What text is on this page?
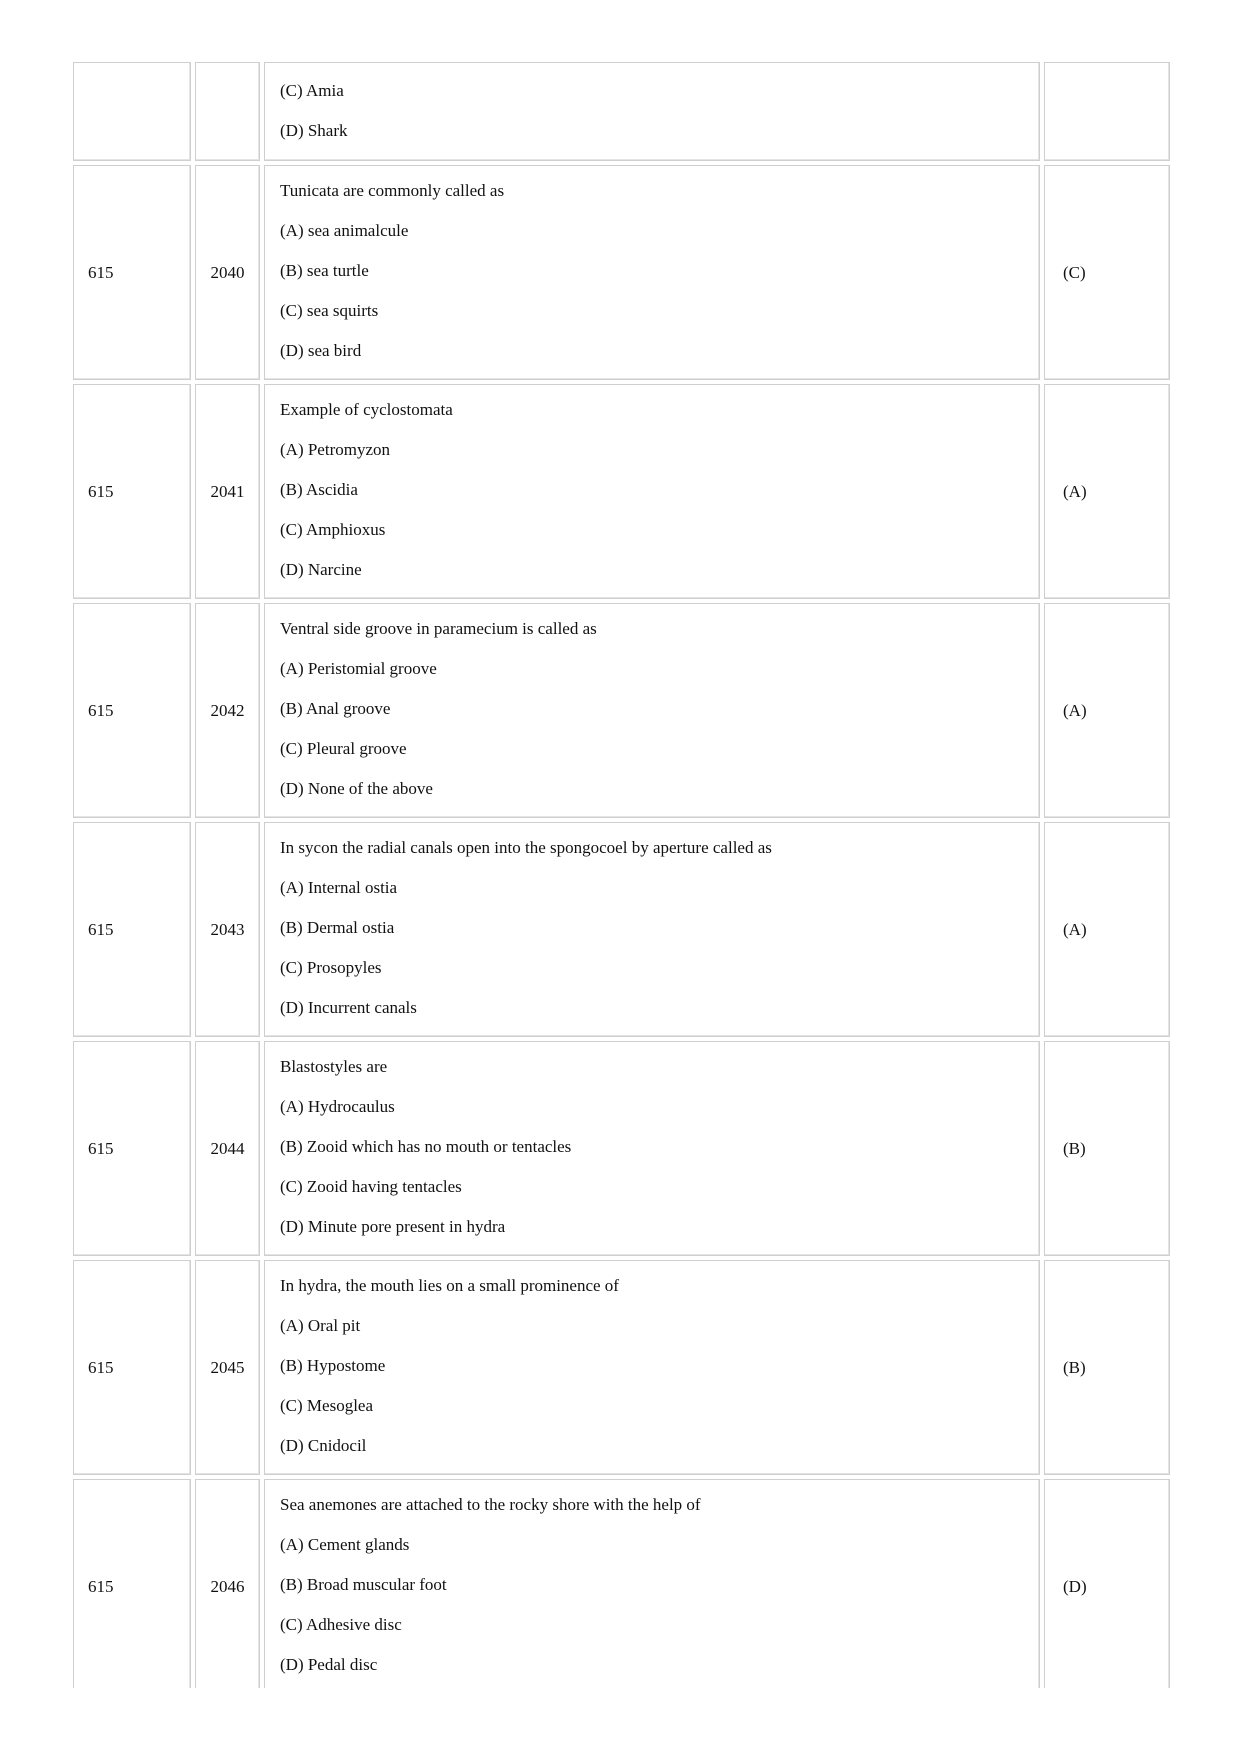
		(C) Amia
(D) Shark	

615	2040	Tunicata are commonly called as
(A) sea animalcule
(B) sea turtle
(C) sea squirts
(D) sea bird	(C)
615	2041	Example of cyclostomata
(A) Petromyzon
(B) Ascidia
(C) Amphioxus
(D) Narcine	(A)
615	2042	Ventral side groove in paramecium is called as
(A) Peristomial groove
(B) Anal groove
(C) Pleural groove
(D) None of the above	(A)
615	2043	In sycon the radial canals open into the spongocoel by aperture called as
(A) Internal ostia
(B) Dermal ostia
(C) Prosopyles
(D) Incurrent canals	(A)
615	2044	Blastostyles are
(A) Hydrocaulus
(B) Zooid which has no mouth or tentacles
(C) Zooid having tentacles
(D) Minute pore present in hydra	(B)
615	2045	In hydra, the mouth lies on a small prominence of
(A) Oral pit
(B) Hypostome
(C) Mesoglea
(D) Cnidocil	(B)
615	2046	Sea anemones are attached to the rocky shore with the help of
(A) Cement glands
(B) Broad muscular foot
(C) Adhesive disc
(D) Pedal disc	(D)
